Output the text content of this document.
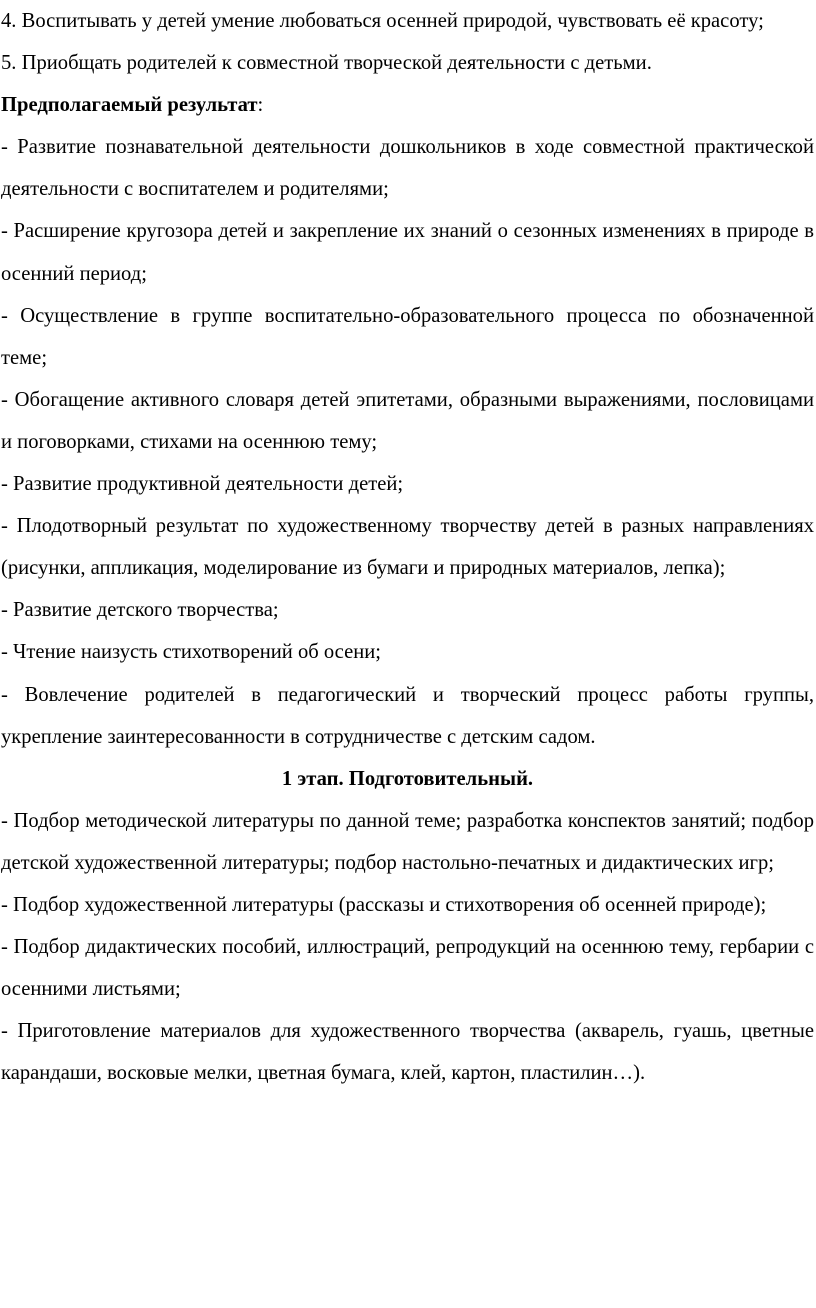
4. Воспитывать у детей умение любоваться осенней природой, чувствовать её красоту;

5. Приобщать родителей к совместной творческой деятельности с детьми.

Предполагаемый результат:

- Развитие познавательной деятельности дошкольников в ходе совместной практической деятельности с воспитателем и родителями;

- Расширение кругозора детей и закрепление их знаний о сезонных изменениях в природе в осенний период;

- Осуществление в группе воспитательно-образовательного процесса по обозначенной теме;

- Обогащение активного словаря детей эпитетами, образными выражениями, пословицами и поговорками, стихами на осеннюю тему;

- Развитие продуктивной деятельности детей;

- Плодотворный результат по художественному творчеству детей в разных направлениях (рисунки, аппликация, моделирование из бумаги и природных материалов, лепка);

- Развитие детского творчества;

- Чтение наизусть стихотворений об осени;

- Вовлечение родителей в педагогический и творческий процесс работы группы, укрепление заинтересованности в сотрудничестве с детским садом.

1 этап. Подготовительный.

- Подбор методической литературы по данной теме; разработка конспектов занятий; подбор детской художественной литературы; подбор настольно-печатных и дидактических игр;

- Подбор художественной литературы (рассказы и стихотворения об осенней природе);

- Подбор дидактических пособий, иллюстраций, репродукций на осеннюю тему, гербарии с осенними листьями;

- Приготовление материалов для художественного творчества (акварель, гуашь, цветные карандаши, восковые мелки, цветная бумага, клей, картон, пластилин…).
